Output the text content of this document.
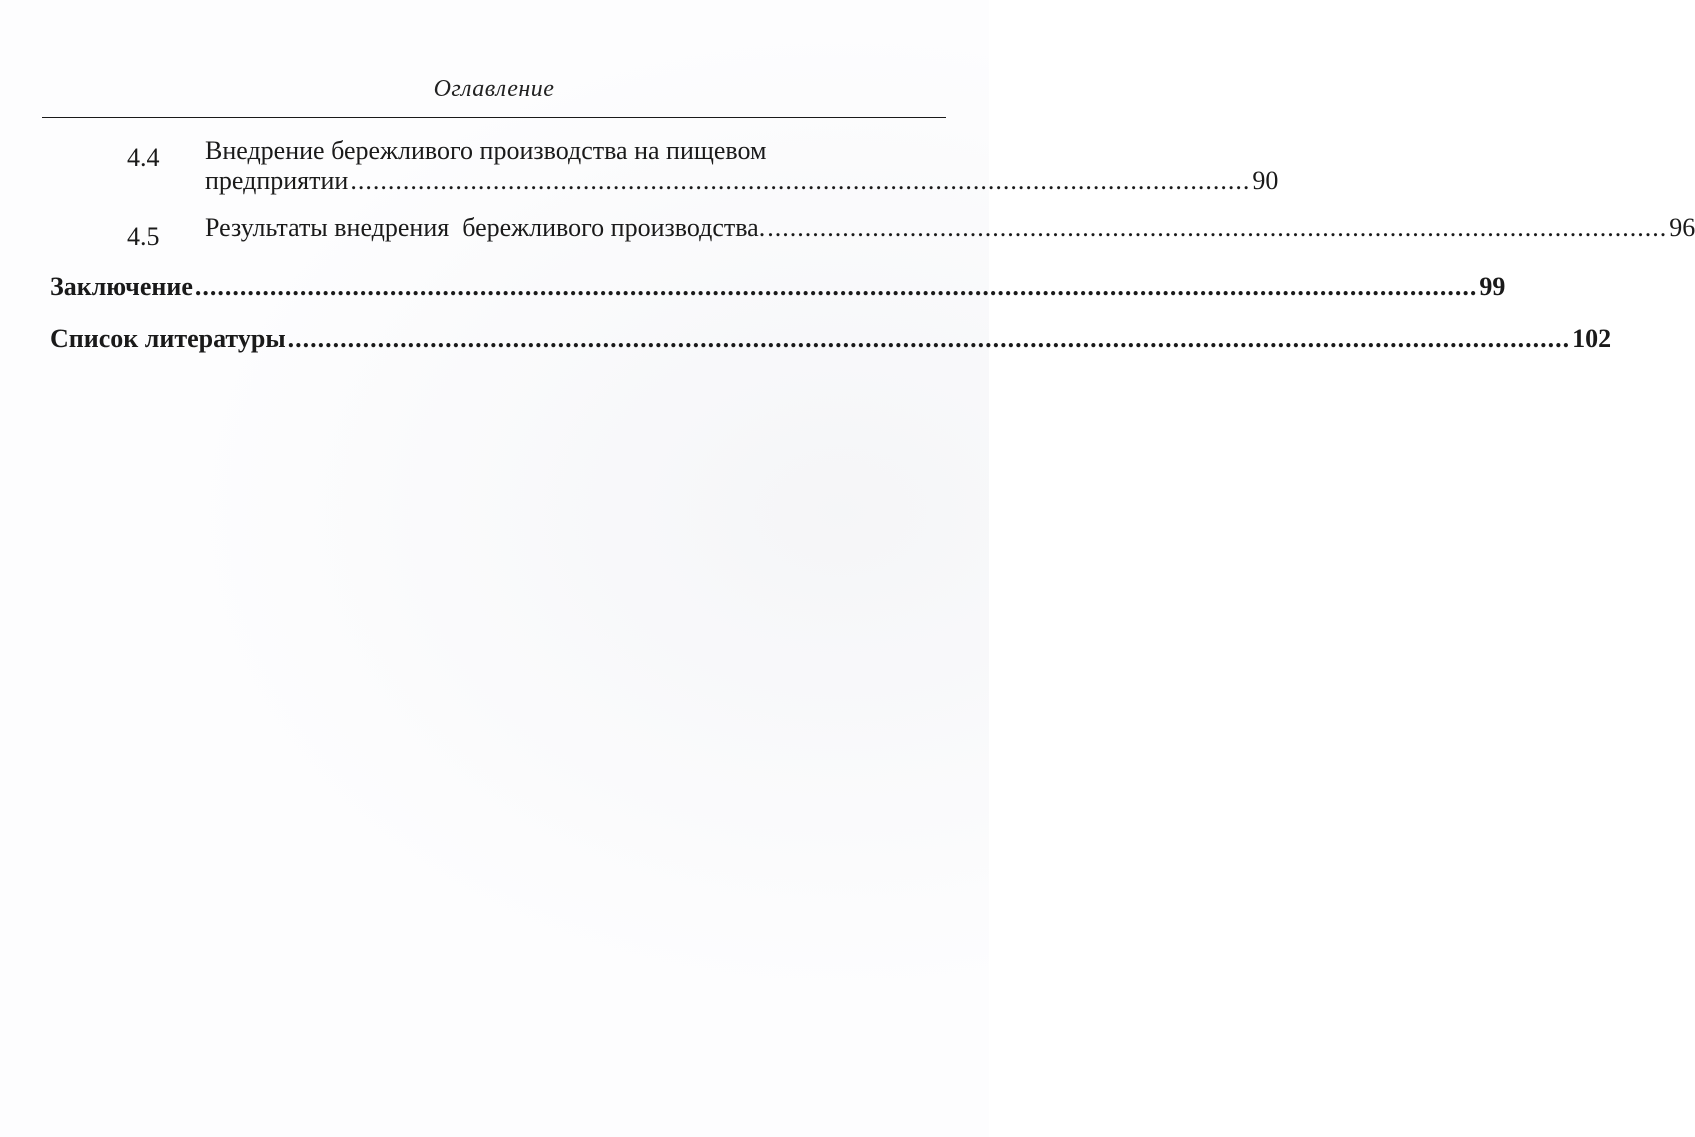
Оглавление
4.4 Внедрение бережливого производства на пищевом
предприятии ........................................................................................................................ 90
4.5 Результаты внедрения  бережливого производства. ........................................................................................................................ 96
Заключение ........................................................................................................................................................................... 99
Список литературы ........................................................................................................................................................................... 102
